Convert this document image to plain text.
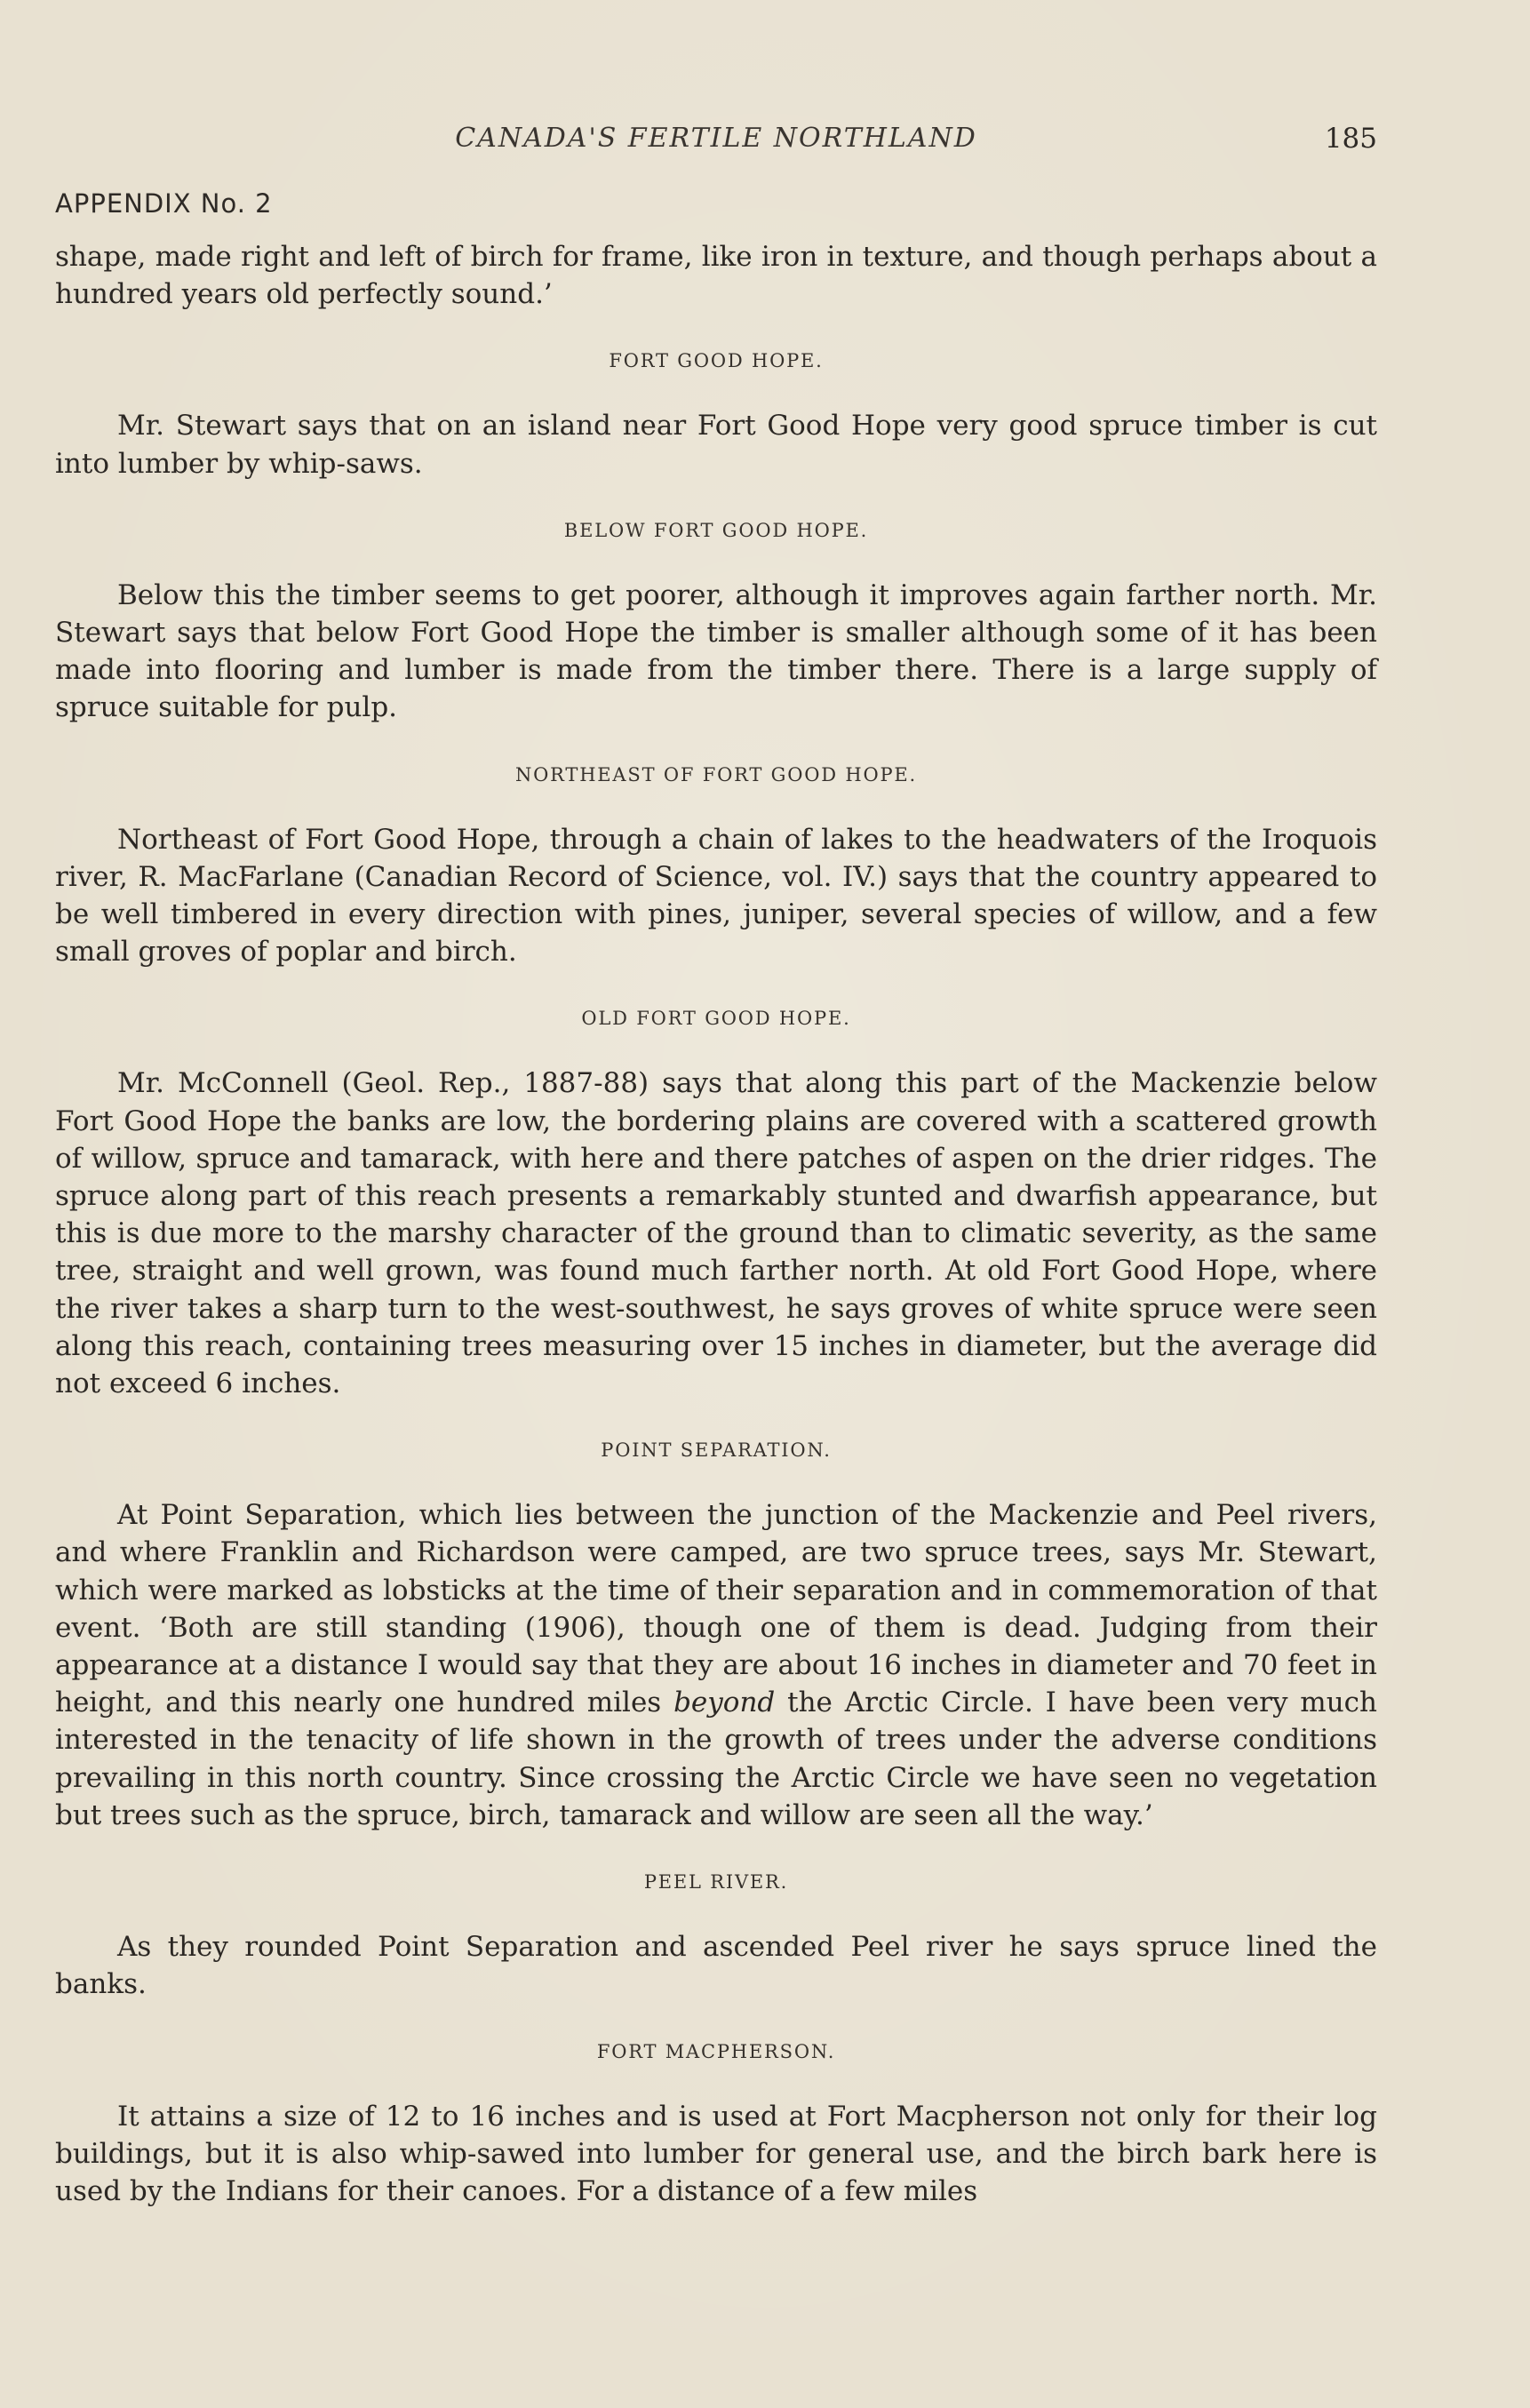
CANADA'S FERTILE NORTHLAND	185
APPENDIX No. 2

shape, made right and left of birch for frame, like iron in texture, and though perhaps about a hundred years old perfectly sound.’

FORT GOOD HOPE.

Mr. Stewart says that on an island near Fort Good Hope very good spruce timber is cut into lumber by whip-saws.

BELOW FORT GOOD HOPE.

Below this the timber seems to get poorer, although it improves again farther north. Mr. Stewart says that below Fort Good Hope the timber is smaller although some of it has been made into flooring and lumber is made from the timber there. There is a large supply of spruce suitable for pulp.

NORTHEAST OF FORT GOOD HOPE.

Northeast of Fort Good Hope, through a chain of lakes to the headwaters of the Iroquois river, R. MacFarlane (Canadian Record of Science, vol. IV.) says that the country appeared to be well timbered in every direction with pines, juniper, several species of willow, and a few small groves of poplar and birch.

OLD FORT GOOD HOPE.

Mr. McConnell (Geol. Rep., 1887-88) says that along this part of the Mackenzie below Fort Good Hope the banks are low, the bordering plains are covered with a scattered growth of willow, spruce and tamarack, with here and there patches of aspen on the drier ridges. The spruce along part of this reach presents a remarkably stunted and dwarfish appearance, but this is due more to the marshy character of the ground than to climatic severity, as the same tree, straight and well grown, was found much farther north. At old Fort Good Hope, where the river takes a sharp turn to the west-southwest, he says groves of white spruce were seen along this reach, containing trees measuring over 15 inches in diameter, but the average did not exceed 6 inches.

POINT SEPARATION.

At Point Separation, which lies between the junction of the Mackenzie and Peel rivers, and where Franklin and Richardson were camped, are two spruce trees, says Mr. Stewart, which were marked as lobsticks at the time of their separation and in commemoration of that event. ‘Both are still standing (1906), though one of them is dead. Judging from their appearance at a distance I would say that they are about 16 inches in diameter and 70 feet in height, and this nearly one hundred miles beyond the Arctic Circle. I have been very much interested in the tenacity of life shown in the growth of trees under the adverse conditions prevailing in this north country. Since crossing the Arctic Circle we have seen no vegetation but trees such as the spruce, birch, tamarack and willow are seen all the way.’

PEEL RIVER.

As they rounded Point Separation and ascended Peel river he says spruce lined the banks.

FORT MACPHERSON.

It attains a size of 12 to 16 inches and is used at Fort Macpherson not only for their log buildings, but it is also whip-sawed into lumber for general use, and the birch bark here is used by the Indians for their canoes. For a distance of a few miles
